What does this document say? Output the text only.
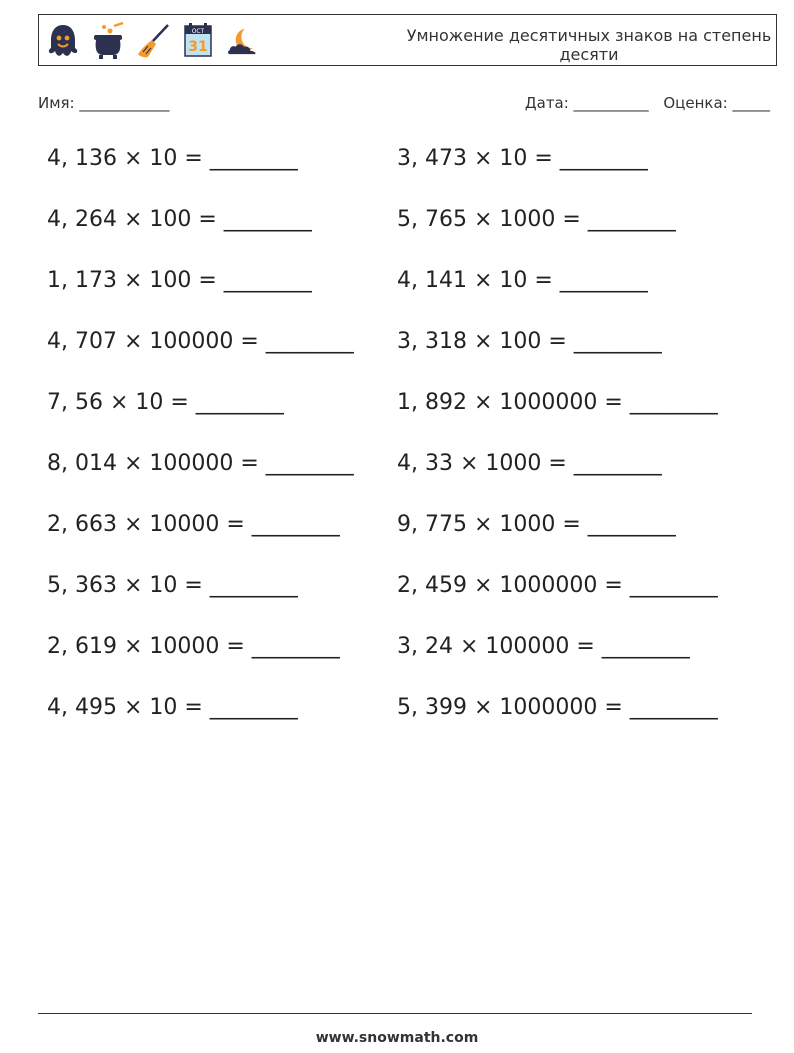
OCT
31
Умножение десятичных знаков на степень десяти
Имя: ____________	Дата: __________ Оценка: _____
4, 136 × 10 = ________
4, 264 × 100 = ________
1, 173 × 100 = ________
4, 707 × 100000 = ________
7, 56 × 10 = ________
8, 014 × 100000 = ________
2, 663 × 10000 = ________
5, 363 × 10 = ________
2, 619 × 10000 = ________
4, 495 × 10 = ________
3, 473 × 10 = ________
5, 765 × 1000 = ________
4, 141 × 10 = ________
3, 318 × 100 = ________
1, 892 × 1000000 = ________
4, 33 × 1000 = ________
9, 775 × 1000 = ________
2, 459 × 1000000 = ________
3, 24 × 100000 = ________
5, 399 × 1000000 = ________
www.snowmath.com
